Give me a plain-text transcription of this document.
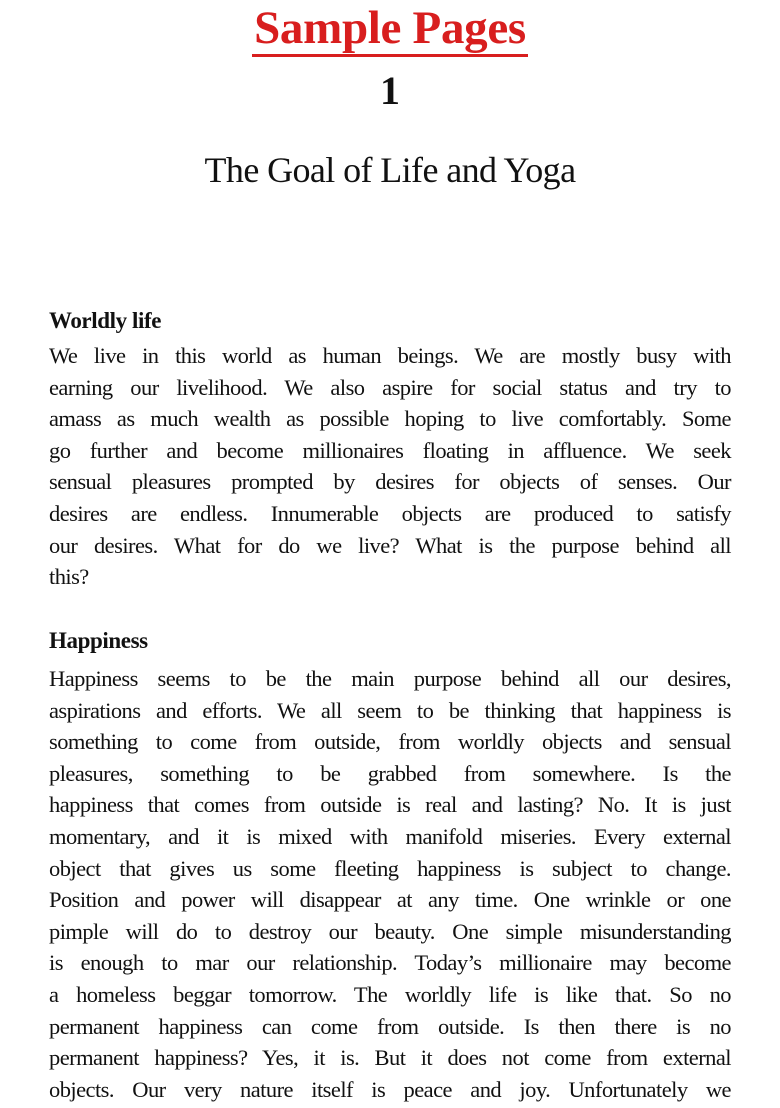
Sample Pages
1
The Goal of Life and Yoga
Worldly life
We live in this world as human beings. We are mostly busy with
earning our livelihood. We also aspire for social status and try to
amass as much wealth as possible hoping to live comfortably. Some
go further and become millionaires floating in affluence. We seek
sensual pleasures prompted by desires for objects of senses. Our
desires are endless. Innumerable objects are produced to satisfy
our desires. What for do we live? What is the purpose behind all
this?
Happiness
Happiness seems to be the main purpose behind all our desires,
aspirations and efforts. We all seem to be thinking that happiness is
something to come from outside, from worldly objects and sensual
pleasures, something to be grabbed from somewhere. Is the
happiness that comes from outside is real and lasting? No. It is just
momentary, and it is mixed with manifold miseries. Every external
object that gives us some fleeting happiness is subject to change.
Position and power will disappear at any time. One wrinkle or one
pimple will do to destroy our beauty. One simple misunderstanding
is enough to mar our relationship. Today’s millionaire may become
a homeless beggar tomorrow. The worldly life is like that. So no
permanent happiness can come from outside. Is then there is no
permanent happiness? Yes, it is. But it does not come from external
objects. Our very nature itself is peace and joy. Unfortunately we
